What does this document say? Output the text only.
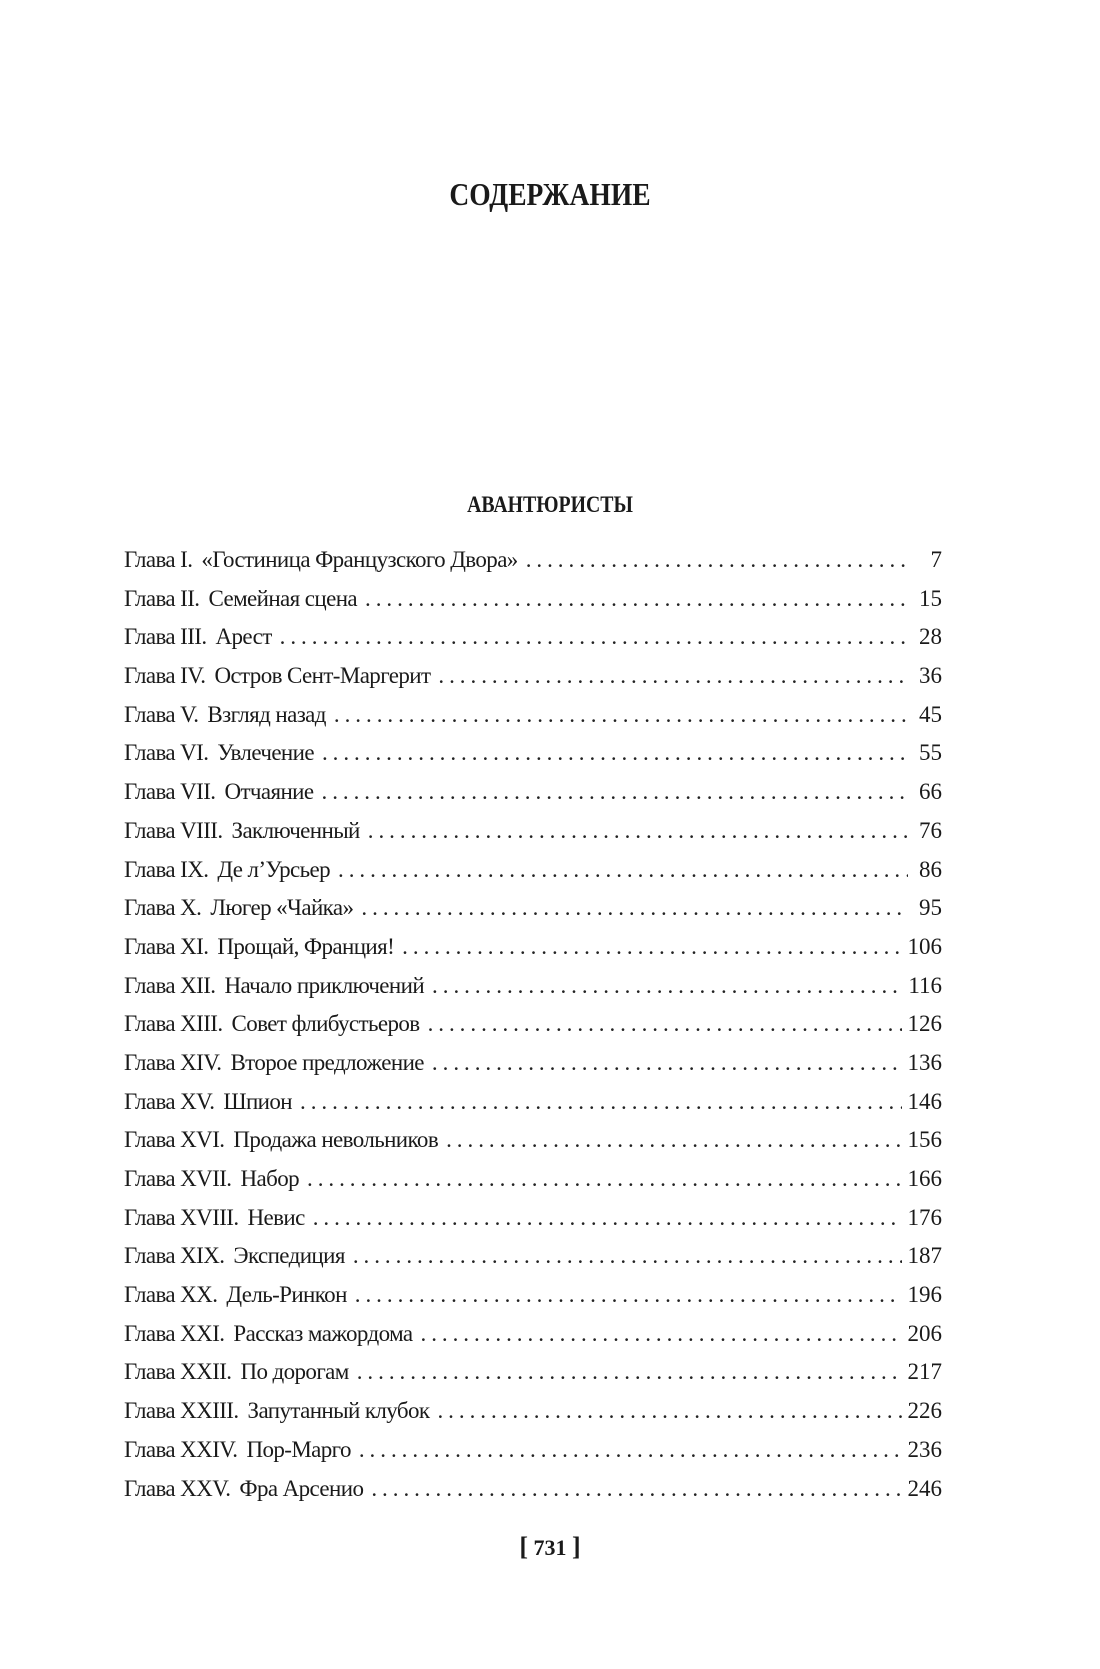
СОДЕРЖАНИЕ
АВАНТЮРИСТЫ
Глава I. «Гостиница Французского Двора» . . .	7
Глава II. Семейная сцена . . .	15
Глава III. Арест . . .	28
Глава IV. Остров Сент-Маргерит . . .	36
Глава V. Взгляд назад . . .	45
Глава VI. Увлечение . . .	55
Глава VII. Отчаяние . . .	66
Глава VIII. Заключенный . . .	76
Глава IX. Де л’Урсьер . . .	86
Глава X. Люгер «Чайка» . . .	95
Глава XI. Прощай, Франция! . . .	106
Глава XII. Начало приключений . . .	116
Глава XIII. Совет флибустьеров . . .	126
Глава XIV. Второе предложение . . .	136
Глава XV. Шпион . . .	146
Глава XVI. Продажа невольников . . .	156
Глава XVII. Набор . . .	166
Глава XVIII. Невис . . .	176
Глава XIX. Экспедиция . . .	187
Глава XX. Дель-Ринкон . . .	196
Глава XXI. Рассказ мажордома . . .	206
Глава XXII. По дорогам . . .	217
Глава XXIII. Запутанный клубок . . .	226
Глава XXIV. Пор-Марго . . .	236
Глава XXV. Фра Арсенио . . .	246
[ 731 ]
